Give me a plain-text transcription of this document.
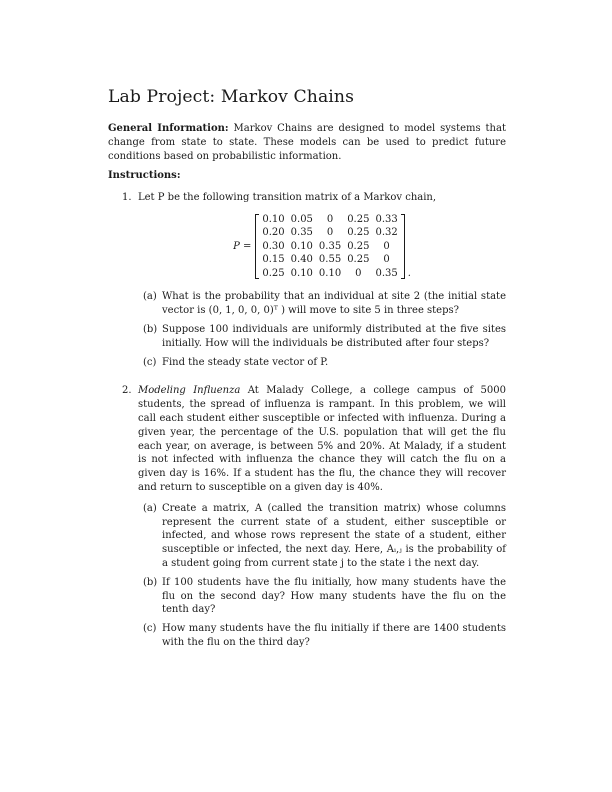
Lab Project: Markov Chains

General Information: Markov Chains are designed to model systems that change from state to state. These models can be used to predict future conditions based on probabilistic information.

Instructions:
1. Let P be the following transition matrix of a Markov chain,

P =
0.10	0.05	0	0.25	0.33
0.20	0.35	0	0.25	0.32
0.30	0.10	0.35	0.25	0
0.15	0.40	0.55	0.25	0
0.25	0.10	0.10	0	0.35 .
(a) What is the probability that an individual at site 2 (the initial state vector is (0, 1, 0, 0, 0)ᵀ ) will move to site 5 in three steps?
(b) Suppose 100 individuals are uniformly distributed at the five sites initially. How will the individuals be distributed after four steps?
(c) Find the steady state vector of P.
2. Modeling Influenza At Malady College, a college campus of 5000 students, the spread of influenza is rampant. In this problem, we will call each student either susceptible or infected with influenza. During a given year, the percentage of the U.S. population that will get the flu each year, on average, is between 5% and 20%. At Malady, if a student is not infected with influenza the chance they will catch the flu on a given day is 16%. If a student has the flu, the chance they will recover and return to susceptible on a given day is 40%.

(a) Create a matrix, A (called the transition matrix) whose columns represent the current state of a student, either susceptible or infected, and whose rows represent the state of a student, either susceptible or infected, the next day. Here, Aᵢ,ⱼ is the probability of a student going from current state j to the state i the next day.
(b) If 100 students have the flu initially, how many students have the flu on the second day? How many students have the flu on the tenth day?
(c) How many students have the flu initially if there are 1400 students with the flu on the third day?
